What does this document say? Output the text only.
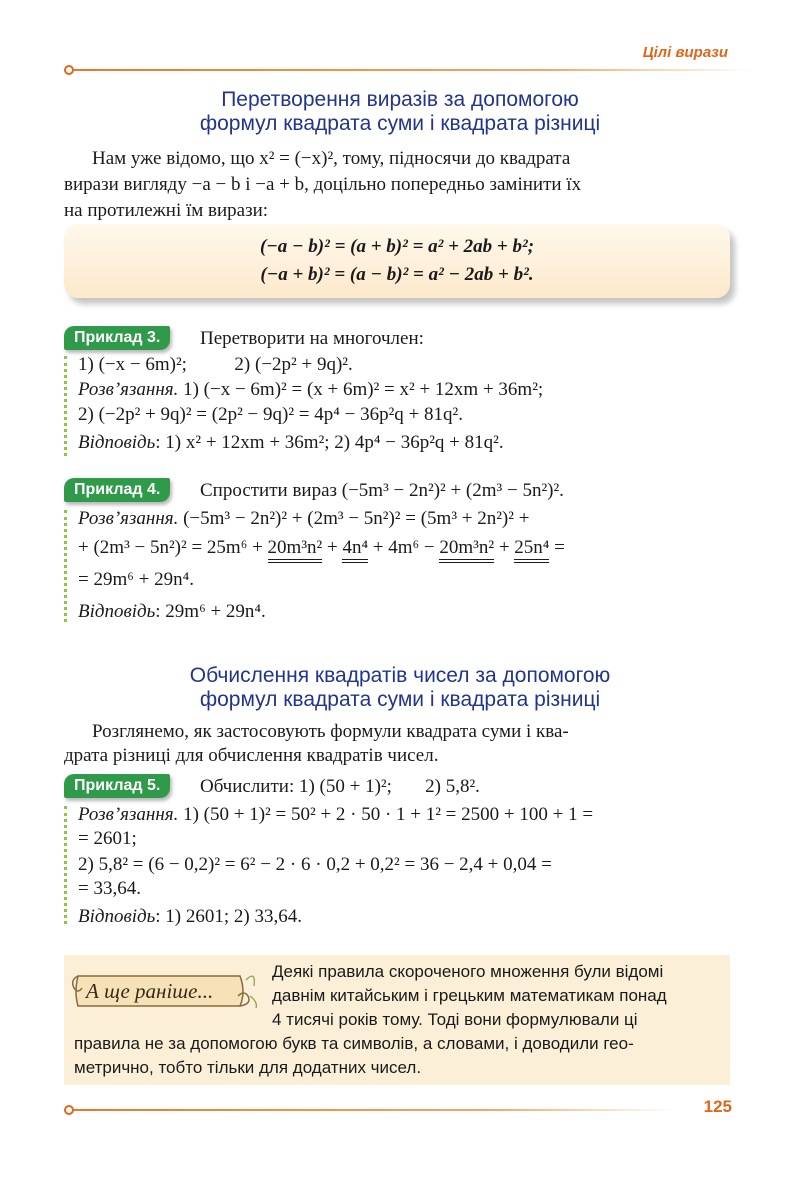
Цілі вирази
Перетворення виразів за допомогою
формул квадрата суми і квадрата різниці
Нам уже відомо, що x² = (−x)², тому, підносячи до квадрата
вирази вигляду −a − b і −a + b, доцільно попередньо замінити їх
на протилежні їм вирази:
(−a − b)² = (a + b)² = a² + 2ab + b²;
(−a + b)² = (a − b)² = a² − 2ab + b².
Приклад 3.	Перетворити на многочлен:
1) (−x − 6m)²;          2) (−2p² + 9q)².
Розв’язання. 1) (−x − 6m)² = (x + 6m)² = x² + 12xm + 36m²;
2) (−2p² + 9q)² = (2p² − 9q)² = 4p⁴ − 36p²q + 81q².
Відповідь: 1) x² + 12xm + 36m²; 2) 4p⁴ − 36p²q + 81q².
Приклад 4.	Спростити вираз (−5m³ − 2n²)² + (2m³ − 5n²)².
Розв’язання. (−5m³ − 2n²)² + (2m³ − 5n²)² = (5m³ + 2n²)² +
+ (2m³ − 5n²)² = 25m⁶ + 20m³n² + 4n⁴ + 4m⁶ − 20m³n² + 25n⁴ =
= 29m⁶ + 29n⁴.
Відповідь: 29m⁶ + 29n⁴.
Обчислення квадратів чисел за допомогою
формул квадрата суми і квадрата різниці
Розглянемо, як застосовують формули квадрата суми і ква-
драта різниці для обчислення квадратів чисел.
Приклад 5.	Обчислити: 1) (50 + 1)²;       2) 5,8².
Розв’язання. 1) (50 + 1)² = 50² + 2 · 50 · 1 + 1² = 2500 + 100 + 1 =
= 2601;
2) 5,8² = (6 − 0,2)² = 6² − 2 · 6 · 0,2 + 0,2² = 36 − 2,4 + 0,04 =
= 33,64.
Відповідь: 1) 2601; 2) 33,64.
А ще раніше...
Деякі правила скороченого множення були відомі
давнім китайським і грецьким математикам понад
4 тисячі років тому. Тоді вони формулювали ці
правила не за допомогою букв та символів, а словами, і доводили гео-
метрично, тобто тільки для додатних чисел.
125
